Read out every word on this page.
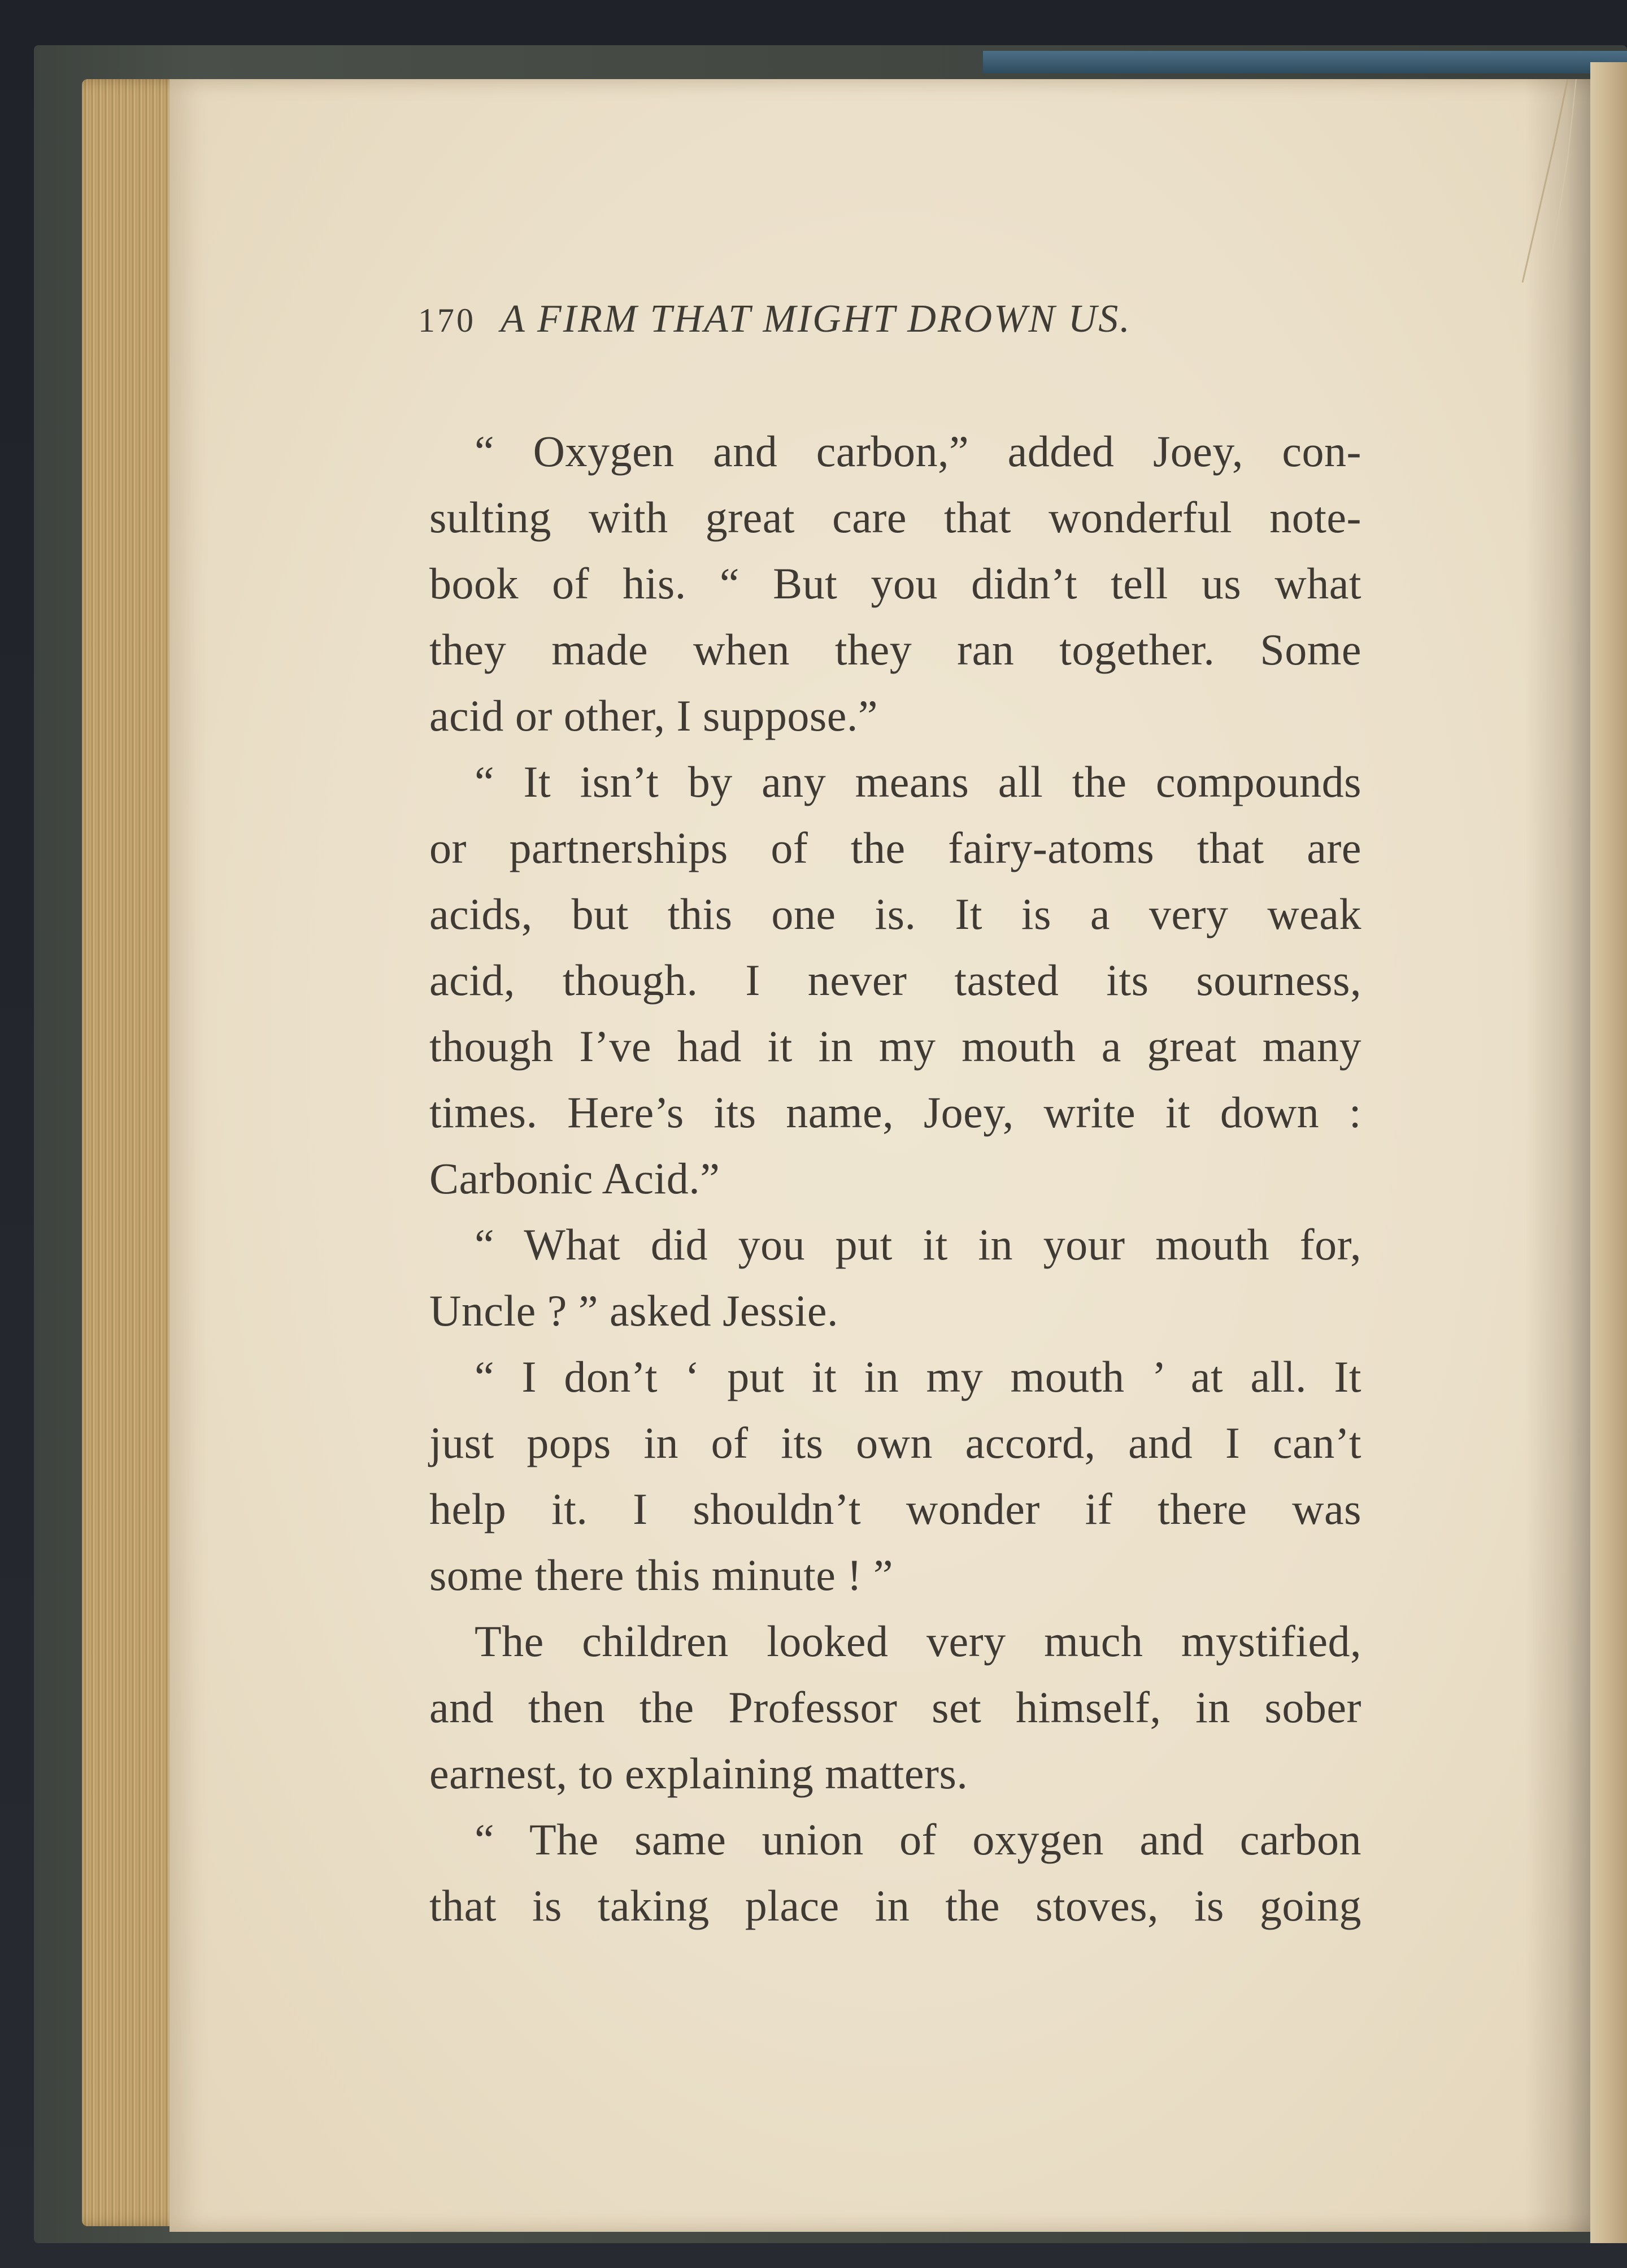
170 A FIRM THAT MIGHT DROWN US.
“ Oxygen and carbon,” added Joey, con-
sulting with great care that wonderful note-
book of his. “ But you didn’t tell us what
they made when they ran together. Some
acid or other, I suppose.”
“ It isn’t by any means all the compounds
or partnerships of the fairy-atoms that are
acids, but this one is. It is a very weak
acid, though. I never tasted its sourness,
though I’ve had it in my mouth a great many
times. Here’s its name, Joey, write it down :
Carbonic Acid.”
“ What did you put it in your mouth for,
Uncle ? ” asked Jessie.
“ I don’t ‘ put it in my mouth ’ at all. It
just pops in of its own accord, and I can’t
help it. I shouldn’t wonder if there was
some there this minute ! ”
The children looked very much mystified,
and then the Professor set himself, in sober
earnest, to explaining matters.
“ The same union of oxygen and carbon
that is taking place in the stoves, is going
